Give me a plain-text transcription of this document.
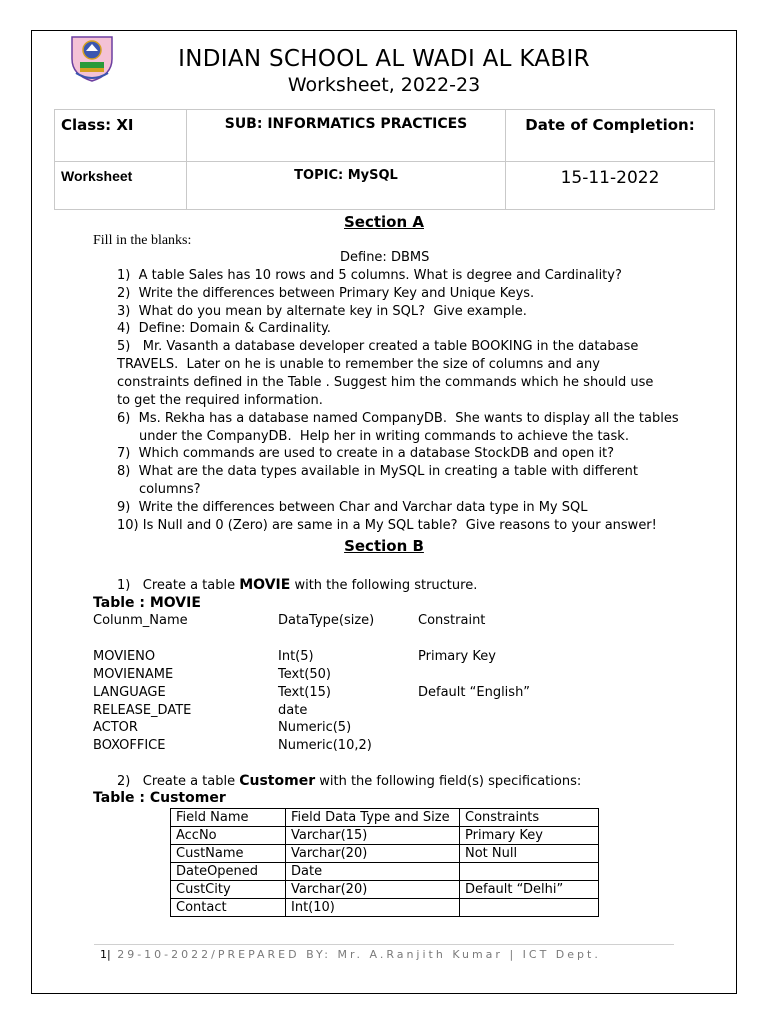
INDIAN SCHOOL AL WADI AL KABIR
Worksheet, 2022-23
Class: XI	SUB: INFORMATICS PRACTICES	Date of Completion:
Worksheet	TOPIC: MySQL	15-11-2022
Section A
Fill in the blanks:
Define: DBMS
1)  A table Sales has 10 rows and 5 columns. What is degree and Cardinality?
2)  Write the differences between Primary Key and Unique Keys.
3)  What do you mean by alternate key in SQL?  Give example.
4)  Define: Domain & Cardinality.
5)   Mr. Vasanth a database developer created a table BOOKING in the database
TRAVELS.  Later on he is unable to remember the size of columns and any
constraints defined in the Table . Suggest him the commands which he should use
to get the required information.
6)  Ms. Rekha has a database named CompanyDB.  She wants to display all the tables
under the CompanyDB.  Help her in writing commands to achieve the task.
7)  Which commands are used to create in a database StockDB and open it?
8)  What are the data types available in MySQL in creating a table with different
columns?
9)  Write the differences between Char and Varchar data type in My SQL
10) Is Null and 0 (Zero) are same in a My SQL table?  Give reasons to your answer!
Section B
1)   Create a table MOVIE with the following structure.
Table : MOVIE
Colunm_Name	DataType(size)	Constraint
MOVIENO	Int(5)	Primary Key
MOVIENAME	Text(50)
LANGUAGE	Text(15)	Default “English”
RELEASE_DATE	date
ACTOR	Numeric(5)
BOXOFFICE	Numeric(10,2)
2)   Create a table Customer with the following field(s) specifications:
Table : Customer
Field Name	Field Data Type and Size	Constraints
AccNo	Varchar(15)	Primary Key
CustName	Varchar(20)	Not Null
DateOpened	Date	
CustCity	Varchar(20)	Default “Delhi”
Contact	Int(10)	
1| 29-10-2022/PREPARED BY: Mr. A.Ranjith Kumar | ICT Dept.
